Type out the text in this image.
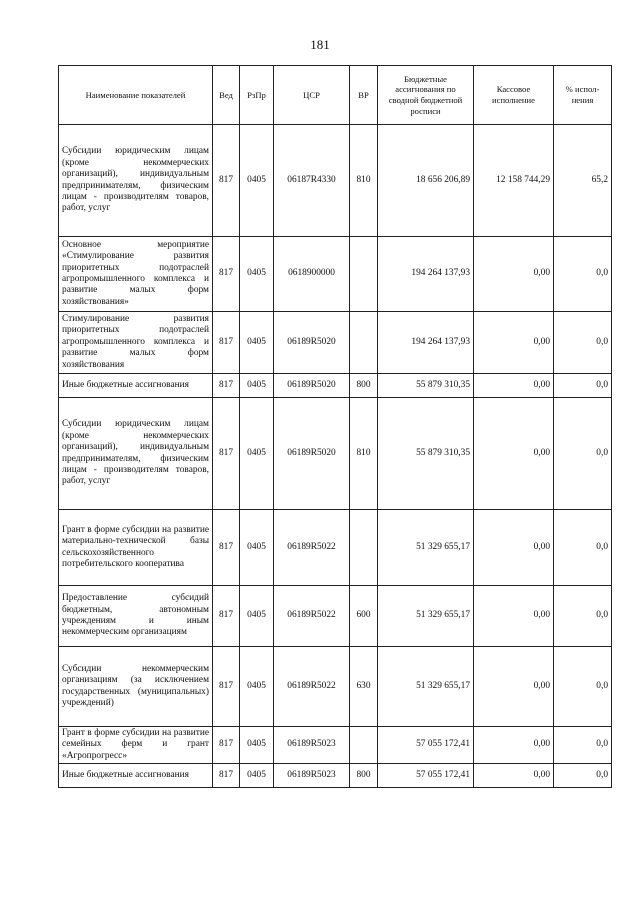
181
Наименование показателей	Вед	РзПр	ЦСР	ВР	Бюджетные ассигнования по сводной бюджетной росписи	Кассовое исполнение	% испол-нения
Субсидии юридическим лицам (кроме некоммерческих организаций), индивидуальным предпринимателям, физическим лицам - производителям товаров, работ, услуг	817	0405	06187R4330	810	18 656 206,89	12 158 744,29	65,2
Основное мероприятие «Стимулирование развития приоритетных подотраслей агропромышленного комплекса и развитие малых форм хозяйствования»	817	0405	0618900000		194 264 137,93	0,00	0,0
Стимулирование развития приоритетных подотраслей агропромышленного комплекса и развитие малых форм хозяйствования	817	0405	06189R5020		194 264 137,93	0,00	0,0
Иные бюджетные ассигнования	817	0405	06189R5020	800	55 879 310,35	0,00	0,0
Субсидии юридическим лицам (кроме некоммерческих организаций), индивидуальным предпринимателям, физическим лицам - производителям товаров, работ, услуг	817	0405	06189R5020	810	55 879 310,35	0,00	0,0
Грант в форме субсидии на развитие материально-технической базы сельскохозяйственного потребительского кооператива	817	0405	06189R5022		51 329 655,17	0,00	0,0
Предоставление субсидий бюджетным, автономным учреждениям и иным некоммерческим организациям	817	0405	06189R5022	600	51 329 655,17	0,00	0,0
Субсидии некоммерческим организациям (за исключением государственных (муниципальных) учреждений)	817	0405	06189R5022	630	51 329 655,17	0,00	0,0
Грант в форме субсидии на развитие семейных ферм и грант «Агропрогресс»	817	0405	06189R5023		57 055 172,41	0,00	0,0
Иные бюджетные ассигнования	817	0405	06189R5023	800	57 055 172,41	0,00	0,0
